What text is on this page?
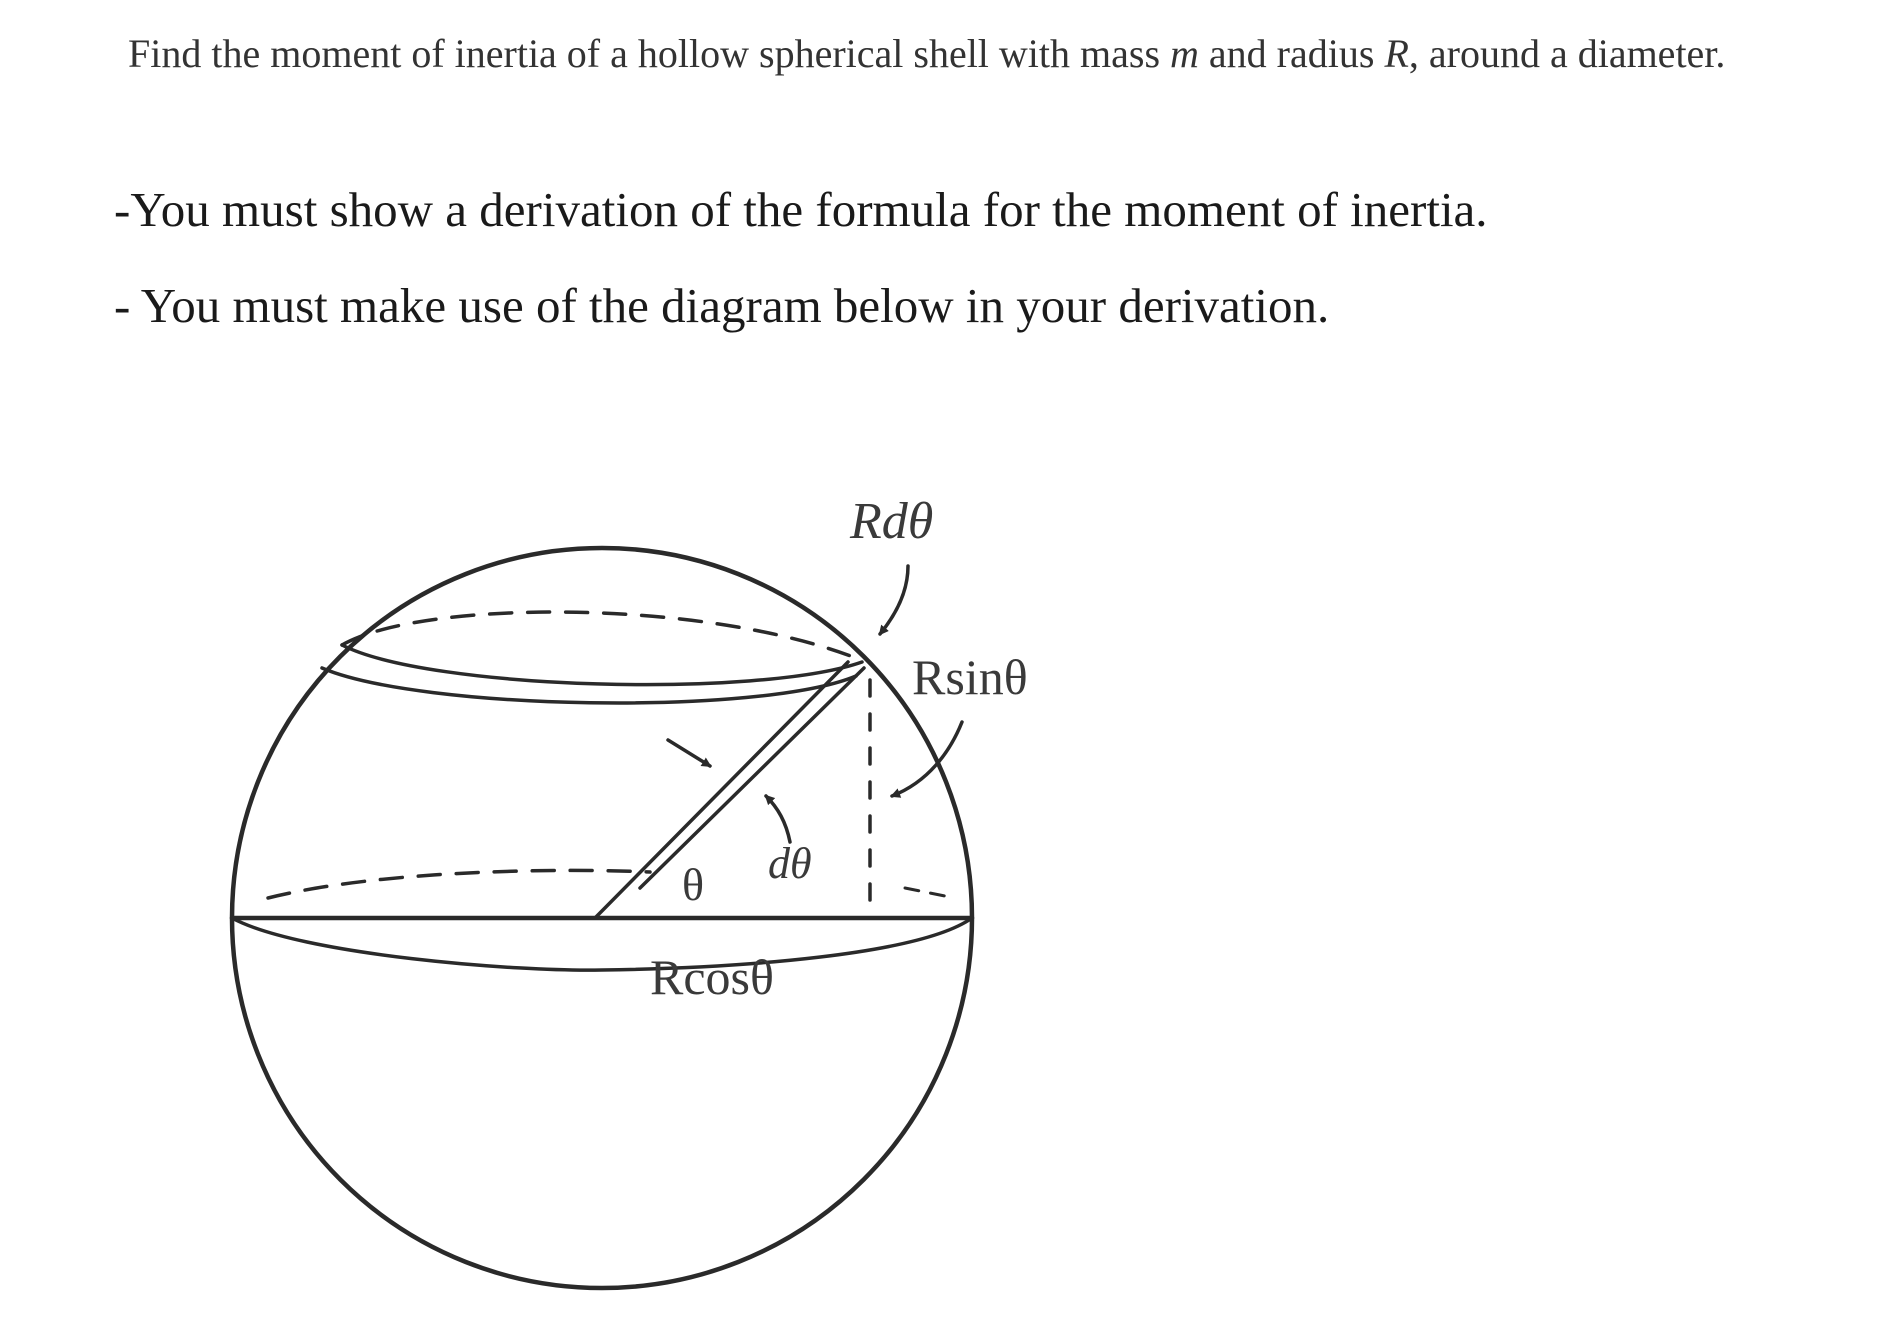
Find the moment of inertia of a hollow spherical shell with mass m and radius R, around a diameter.
-You must show a derivation of the formula for the moment of inertia.
- You must make use of the diagram below in your derivation.
Rdθ
Rsinθ
Rcosθ
θ dθ
